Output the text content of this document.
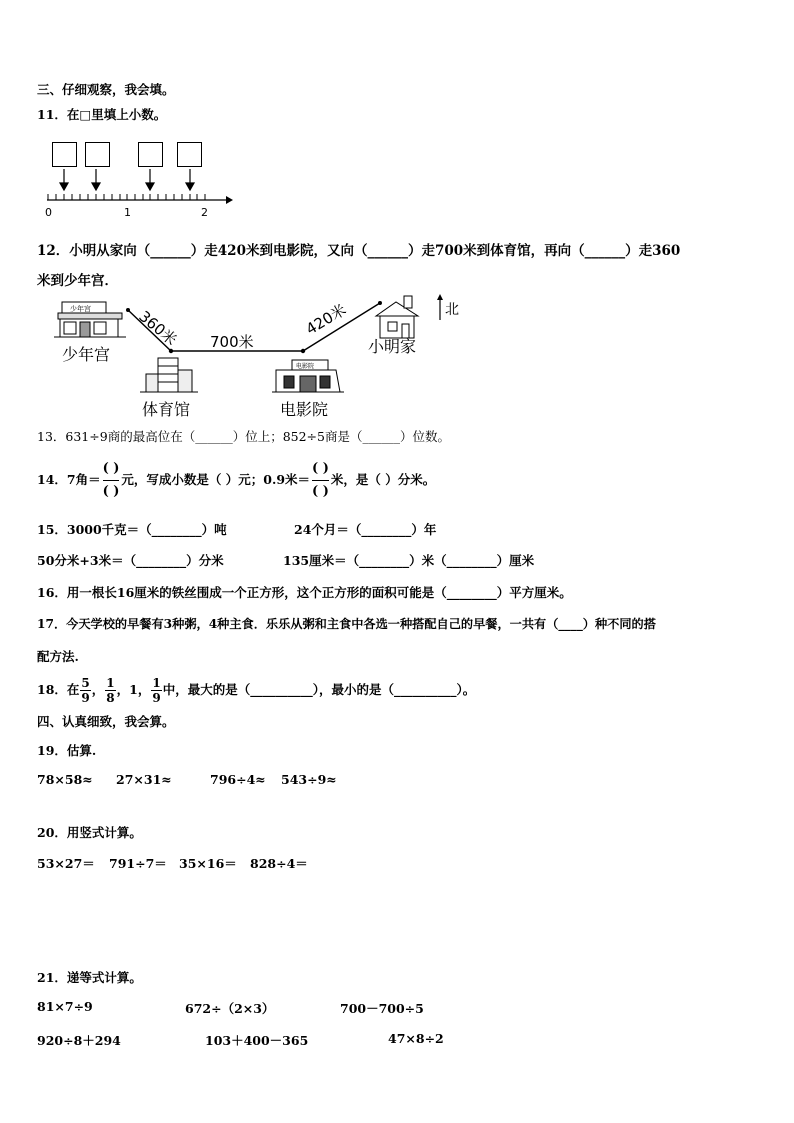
三、仔细观察，我会填。
11．在□里填上小数。
0	1	2
12．小明从家向（______）走420米到电影院，又向（______）走700米到体育馆，再向（______）走360
米到少年宫．
360米 700米
420米
少年宫
少年宫
体育馆
电影院
电影院
小明家
北
13．631÷9商的最高位在（______）位上；852÷5商是（______）位数。
14．7角＝
( )
( )
元，写成小数是（ ）元；0.9米＝
( )
( )
米，是（ ）分米。
15．3000千克＝（________）吨	24个月＝（________）年
50分米+3米＝（________）分米	135厘米＝（________）米（________）厘米
16．用一根长16厘米的铁丝围成一个正方形，这个正方形的面积可能是（________）平方厘米。
17．今天学校的早餐有3种粥，4种主食．乐乐从粥和主食中各选一种搭配自己的早餐，一共有（____）种不同的搭
配方法.
18．在 $\frac{5}{9}$ ， $\frac{1}{8}$ ，1， $\frac{1}{9}$ 中，最大的是（__________），最小的是（__________）。
四、认真细致，我会算。
19．估算.
78×58≈ 27×31≈	796÷4≈ 543÷9≈
20．用竖式计算。
53×27＝ 791÷7＝ 35×16＝ 828÷4＝
21．递等式计算。
81×7÷9	672÷（2×3）	700－700÷5
920÷8＋294	103＋400－365	47×8÷2
